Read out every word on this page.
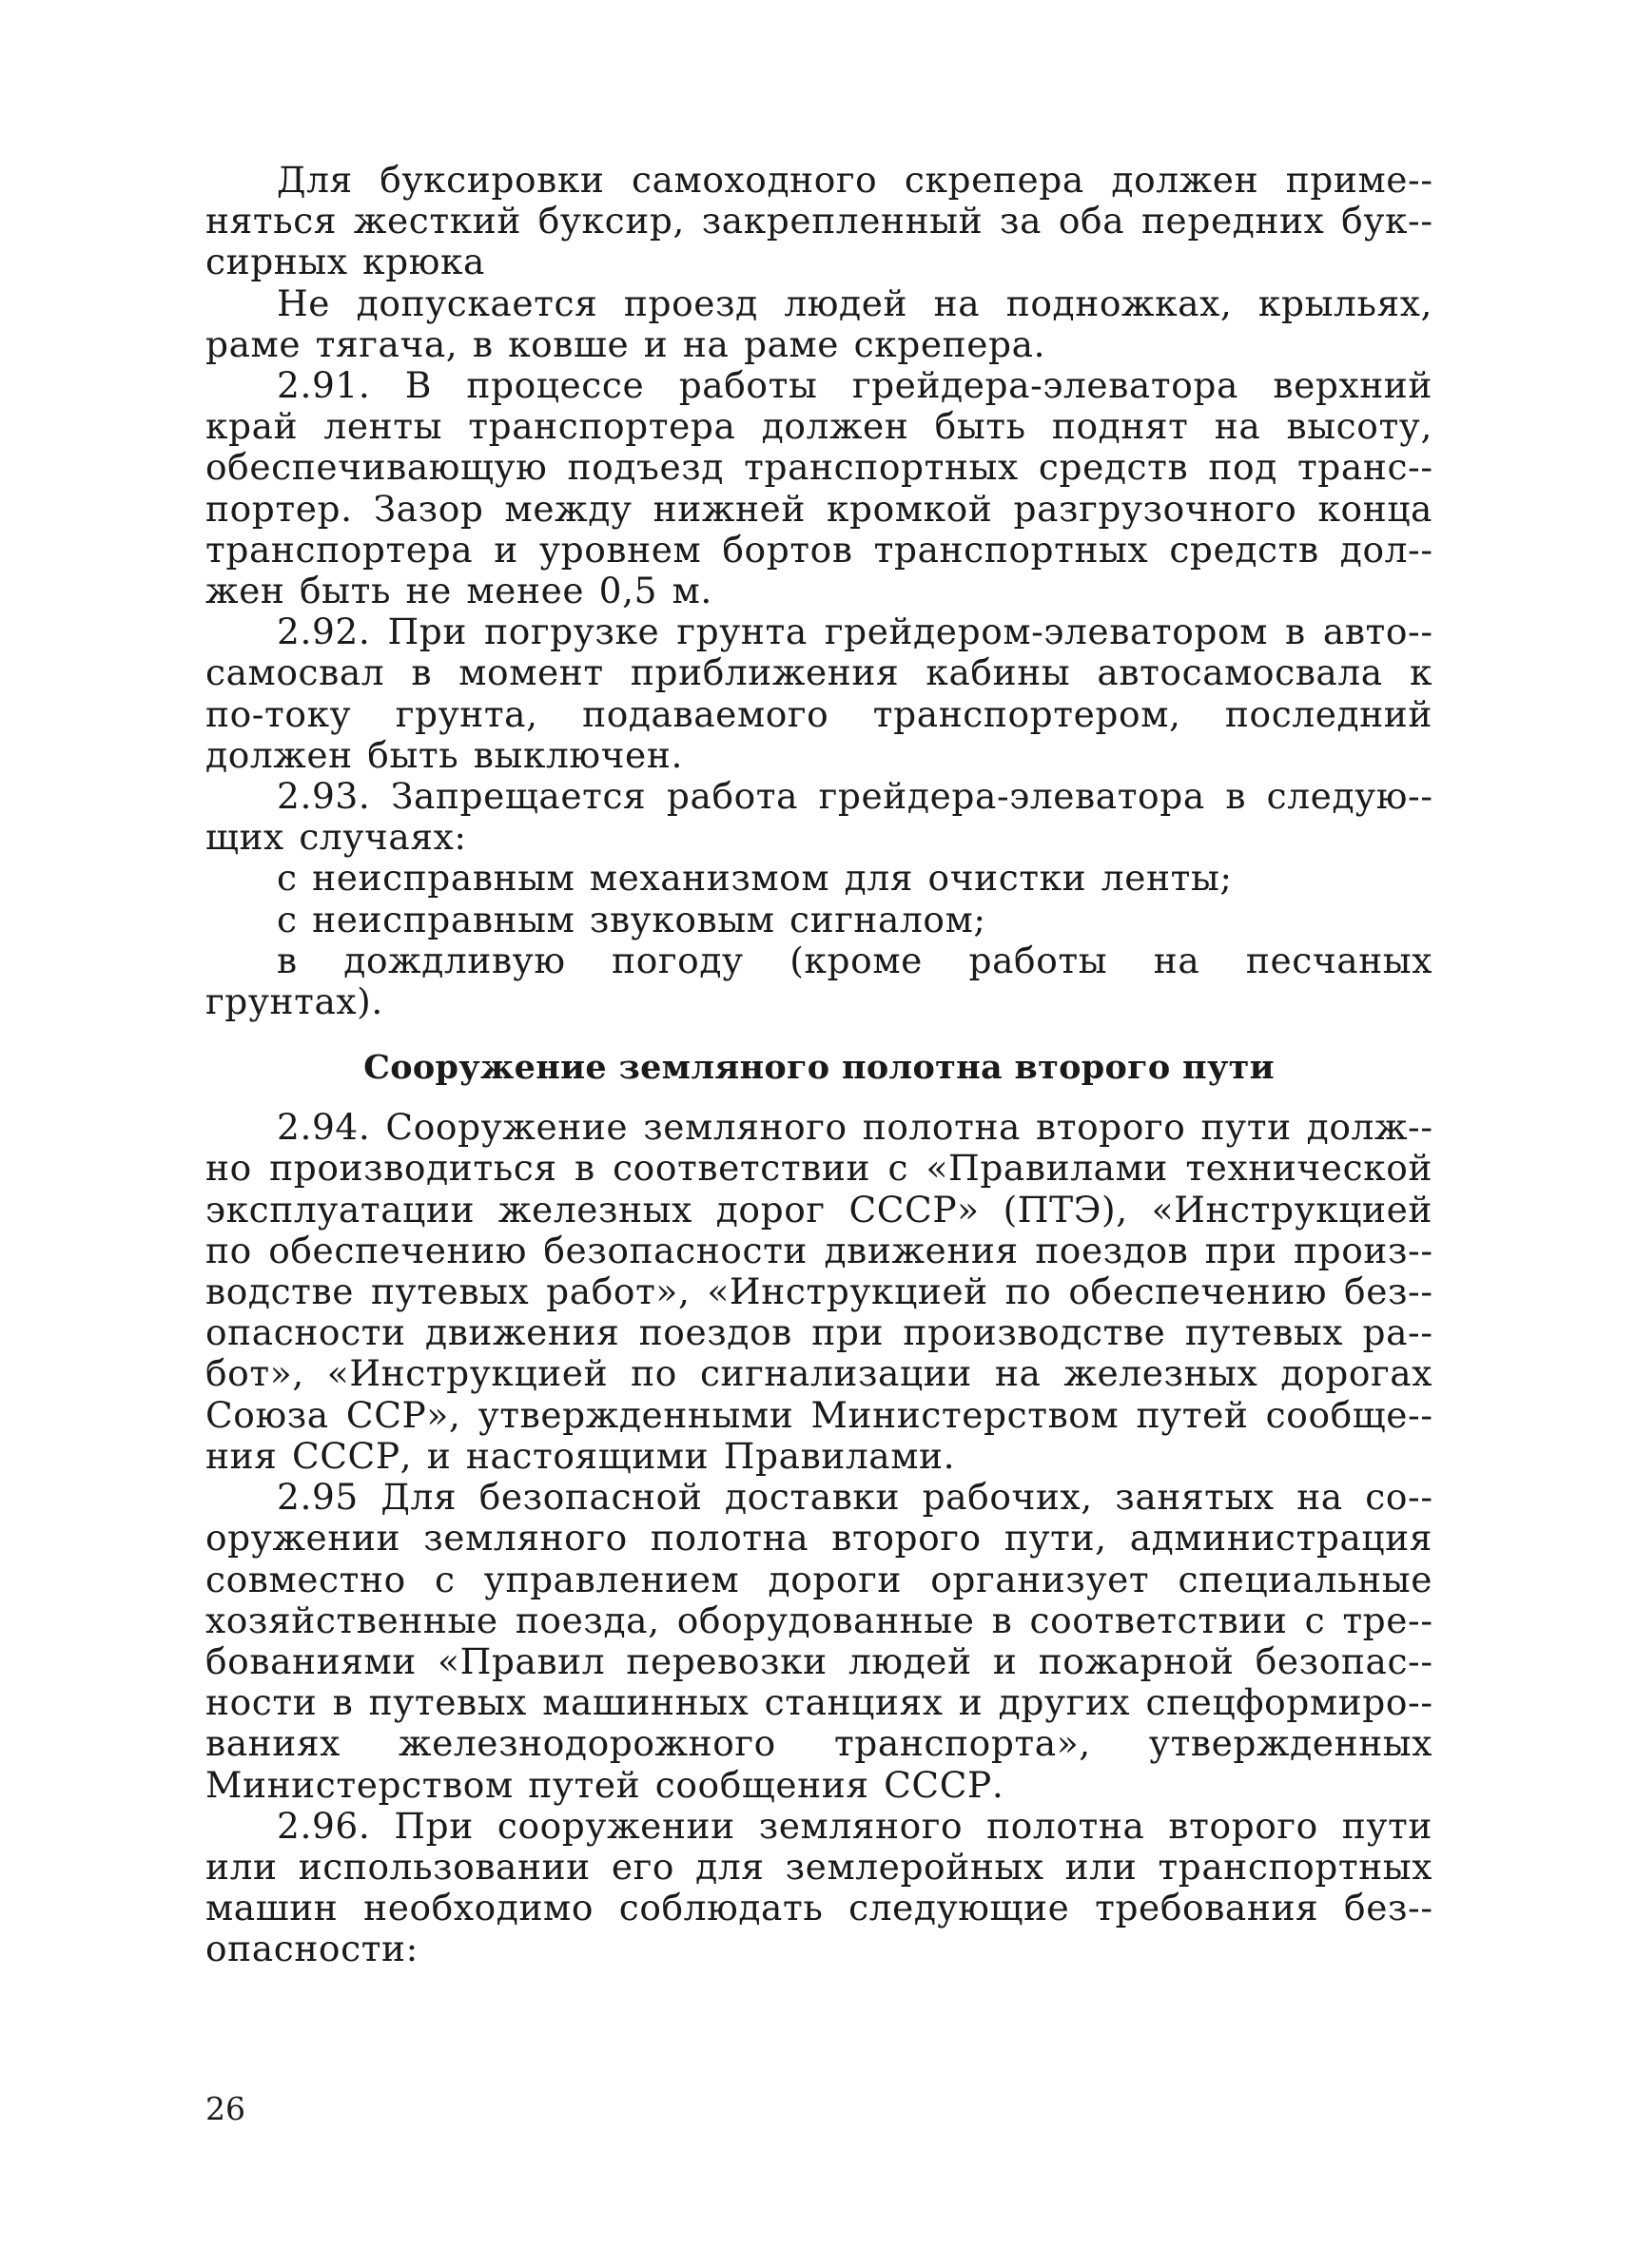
Для буксировки самоходного скрепера должен приме-няться жесткий буксир, закрепленный за оба передних бук-сирных крюка

Не допускается проезд людей на подножках, крыльях, раме тягача, в ковше и на раме скрепера.

2.91. В процессе работы грейдера-элеватора верхний край ленты транспортера должен быть поднят на высоту, обеспечивающую подъезд транспортных средств под транс-портер. Зазор между нижней кромкой разгрузочного конца транспортера и уровнем бортов транспортных средств дол-жен быть не менее 0,5 м.

2.92. При погрузке грунта грейдером-элеватором в авто-самосвал в момент приближения кабины автосамосвала к по-току грунта, подаваемого транспортером, последний должен быть выключен.

2.93. Запрещается работа грейдера-элеватора в следую-щих случаях:

с неисправным механизмом для очистки ленты;

с неисправным звуковым сигналом;

в дождливую погоду (кроме работы на песчаных грунтах).

Сооружение земляного полотна второго пути

2.94. Сооружение земляного полотна второго пути долж-но производиться в соответствии с «Правилами технической эксплуатации железных дорог СССР» (ПТЭ), «Инструкцией по обеспечению безопасности движения поездов при произ-водстве путевых работ», «Инструкцией по обеспечению без-опасности движения поездов при производстве путевых ра-бот», «Инструкцией по сигнализации на железных дорогах Союза ССР», утвержденными Министерством путей сообще-ния СССР, и настоящими Правилами.

2.95 Для безопасной доставки рабочих, занятых на со-оружении земляного полотна второго пути, администрация совместно с управлением дороги организует специальные хозяйственные поезда, оборудованные в соответствии с тре-бованиями «Правил перевозки людей и пожарной безопас-ности в путевых машинных станциях и других спецформиро-ваниях железнодорожного транспорта», утвержденных Министерством путей сообщения СССР.

2.96. При сооружении земляного полотна второго пути или использовании его для землеройных или транспортных машин необходимо соблюдать следующие требования без-опасности:

26
